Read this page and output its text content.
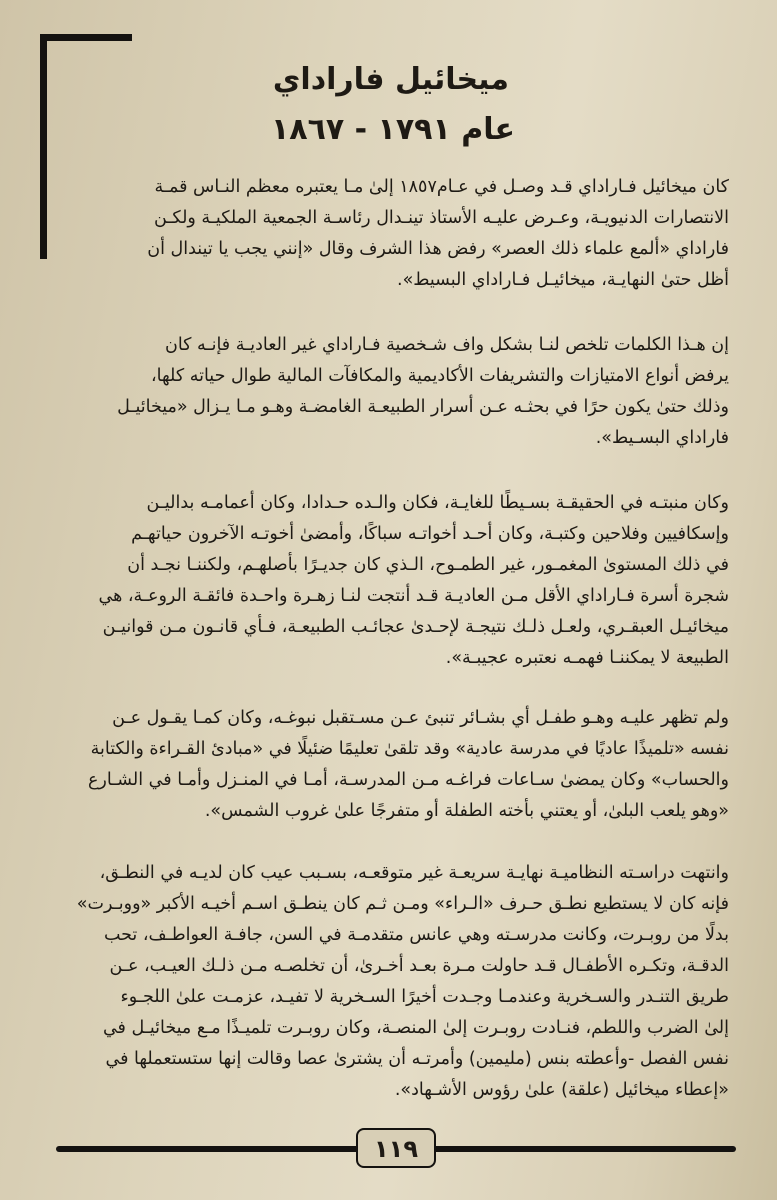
ميخائيل فاراداي
عام ١٧٩١ - ١٨٦٧
كان ميخائيل فـاراداي قـد وصـل في عـام١٨٥٧ إلىٰ مـا يعتبره معظم النـاس قمـة
الانتصارات الدنيويـة، وعـرض عليـه الأستاذ تينـدال رئاسـة الجمعية الملكيـة ولكـن
فاراداي «ألمع علماء ذلك العصر» رفض هذا الشرف وقال «إنني يجب يا تيندال أن
أظل حتىٰ النهايـة، ميخائيـل فـاراداي البسيط».
إن هـذا الكلمات تلخص لنـا بشكل واف شـخصية فـاراداي غير العاديـة فإنـه كان
يرفض أنواع الامتيازات والتشريفات الأكاديمية والمكافآت المالية طوال حياته كلها،
وذلك حتىٰ يكون حرًا في بحثـه عـن أسرار الطبيعـة الغامضـة وهـو مـا يـزال «ميخائيـل
فاراداي البسـيط».
وكان منبتـه في الحقيقـة بسـيطًا للغايـة، فكان والـده حـدادا، وكان أعمامـه بداليـن
وإسكافيين وفلاحين وكتبـة، وكان أحـد أخواتـه سباكًا، وأمضىٰ أخوتـه الآخرون حياتهـم
في ذلك المستوىٰ المغمـور، غير الطمـوح، الـذي كان جديـرًا بأصلهـم، ولكننـا نجـد أن
شجرة أسرة فـاراداي الأقل مـن العاديـة قـد أنتجت لنـا زهـرة واحـدة فائقـة الروعـة، هي
ميخائيـل العبقـري، ولعـل ذلـك نتيجـة لإحـدىٰ عجائـب الطبيعـة، فـأي قانـون مـن قوانيـن
الطبيعة لا يمكننـا فهمـه نعتبره عجيبـة».
ولم تظهر عليـه وهـو طفـل أي بشـائر تنبئ عـن مسـتقبل نبوغـه، وكان كمـا يقـول عـن
نفسه «تلميذًا عاديًا في مدرسة عادية» وقد تلقىٰ تعليمًا ضئيلًا في «مبادئ القـراءة والكتابة
والحساب» وكان يمضىٰ سـاعات فراغـه مـن المدرسـة، أمـا في المنـزل وأمـا في الشـارع
«وهو يلعب البلىٰ، أو يعتني بأخته الطفلة أو متفرجًا علىٰ غروب الشمس».
وانتهت دراسـته النظاميـة نهايـة سريعـة غير متوقعـه، بسـبب عيب كان لديـه في النطـق،
فإنه كان لا يستطيع نطـق حـرف «الـراء» ومـن ثـم كان ينطـق اسـم أخيـه الأكبر «ووبـرت»
بدلًا من روبـرت، وكانت مدرسـته وهي عانس متقدمـة في السن، جافـة العواطـف، تحب
الدقـة، وتكـره الأطفـال قـد حاولت مـرة بعـد أخـرىٰ، أن تخلصـه مـن ذلـك العيـب، عـن
طريق التنـدر والسـخرية وعندمـا وجـدت أخيرًا السـخرية لا تفيـد، عزمـت علىٰ اللجـوء
إلىٰ الضرب واللطم، فنـادت روبـرت إلىٰ المنصـة، وكان روبـرت تلميـذًا مـع ميخائيـل في
نفس الفصل -وأعطته بنس (مليمين) وأمرتـه أن يشترىٰ عصا وقالت إنها ستستعملها في
«إعطاء ميخائيل (علقة) علىٰ رؤوس الأشـهاد».
١١٩
